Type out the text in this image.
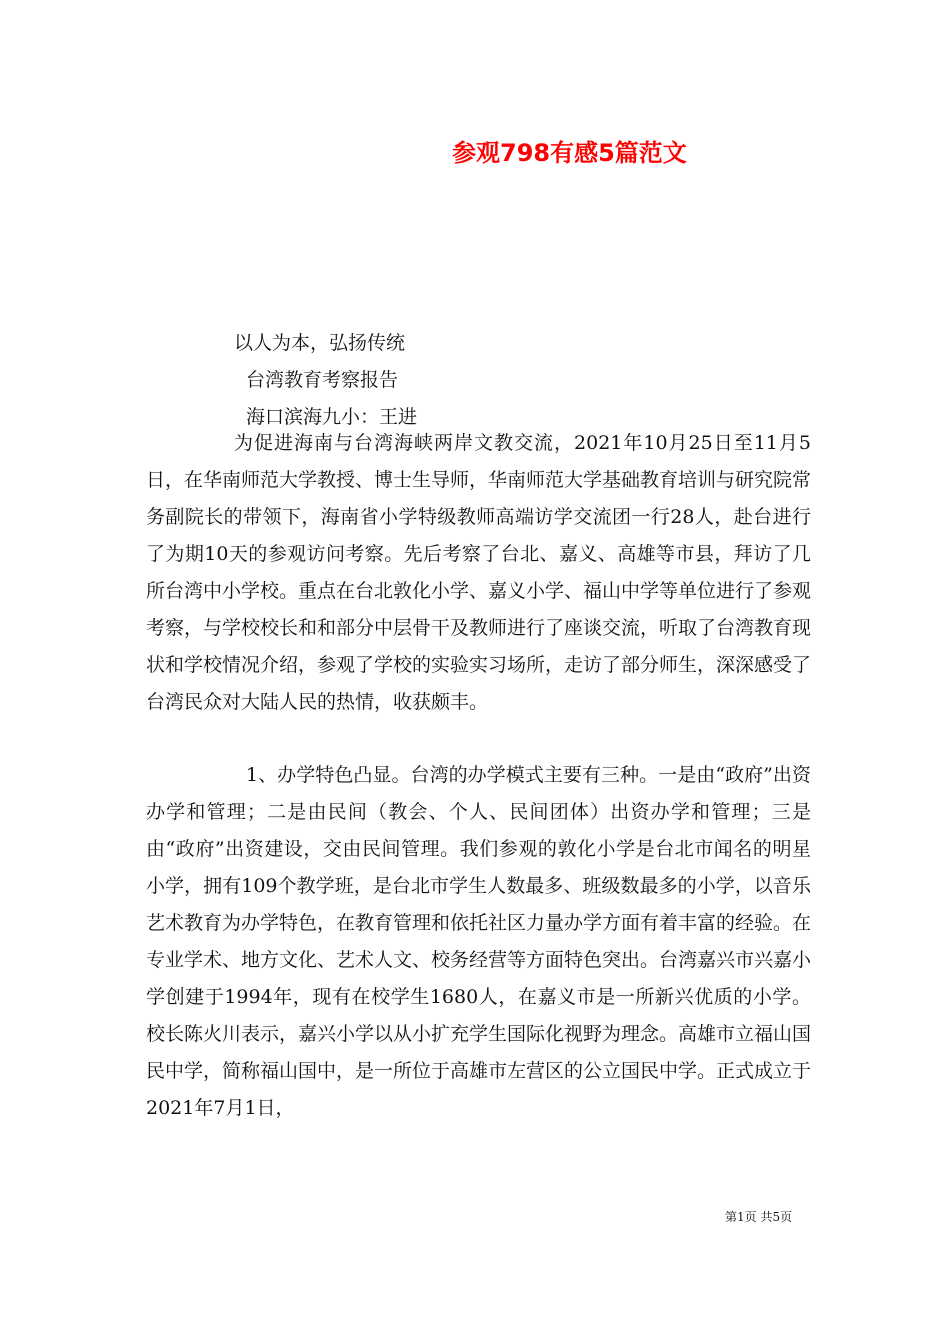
参观798有感5篇范文
以人为本，弘扬传统
台湾教育考察报告
海口滨海九小：王进

为促进海南与台湾海峡两岸文教交流，2021年10月25日至11月5日，在华南师范大学教授、博士生导师，华南师范大学基础教育培训与研究院常务副院长的带领下，海南省小学特级教师高端访学交流团一行28人，赴台进行了为期10天的参观访问考察。先后考察了台北、嘉义、高雄等市县，拜访了几所台湾中小学校。重点在台北敦化小学、嘉义小学、福山中学等单位进行了参观考察，与学校校长和和部分中层骨干及教师进行了座谈交流，听取了台湾教育现状和学校情况介绍，参观了学校的实验实习场所，走访了部分师生，深深感受了台湾民众对大陆人民的热情，收获颇丰。

1、办学特色凸显。台湾的办学模式主要有三种。一是由“政府”出资办学和管理；二是由民间（教会、个人、民间团体）出资办学和管理；三是由“政府”出资建设，交由民间管理。我们参观的敦化小学是台北市闻名的明星小学，拥有109个教学班，是台北市学生人数最多、班级数最多的小学，以音乐艺术教育为办学特色，在教育管理和依托社区力量办学方面有着丰富的经验。在专业学术、地方文化、艺术人文、校务经营等方面特色突出。台湾嘉兴市兴嘉小学创建于1994年，现有在校学生1680人，在嘉义市是一所新兴优质的小学。校长陈火川表示，嘉兴小学以从小扩充学生国际化视野为理念。高雄市立福山国民中学，简称福山国中，是一所位于高雄市左营区的公立国民中学。正式成立于2021年7月1日，

第1页 共5页
